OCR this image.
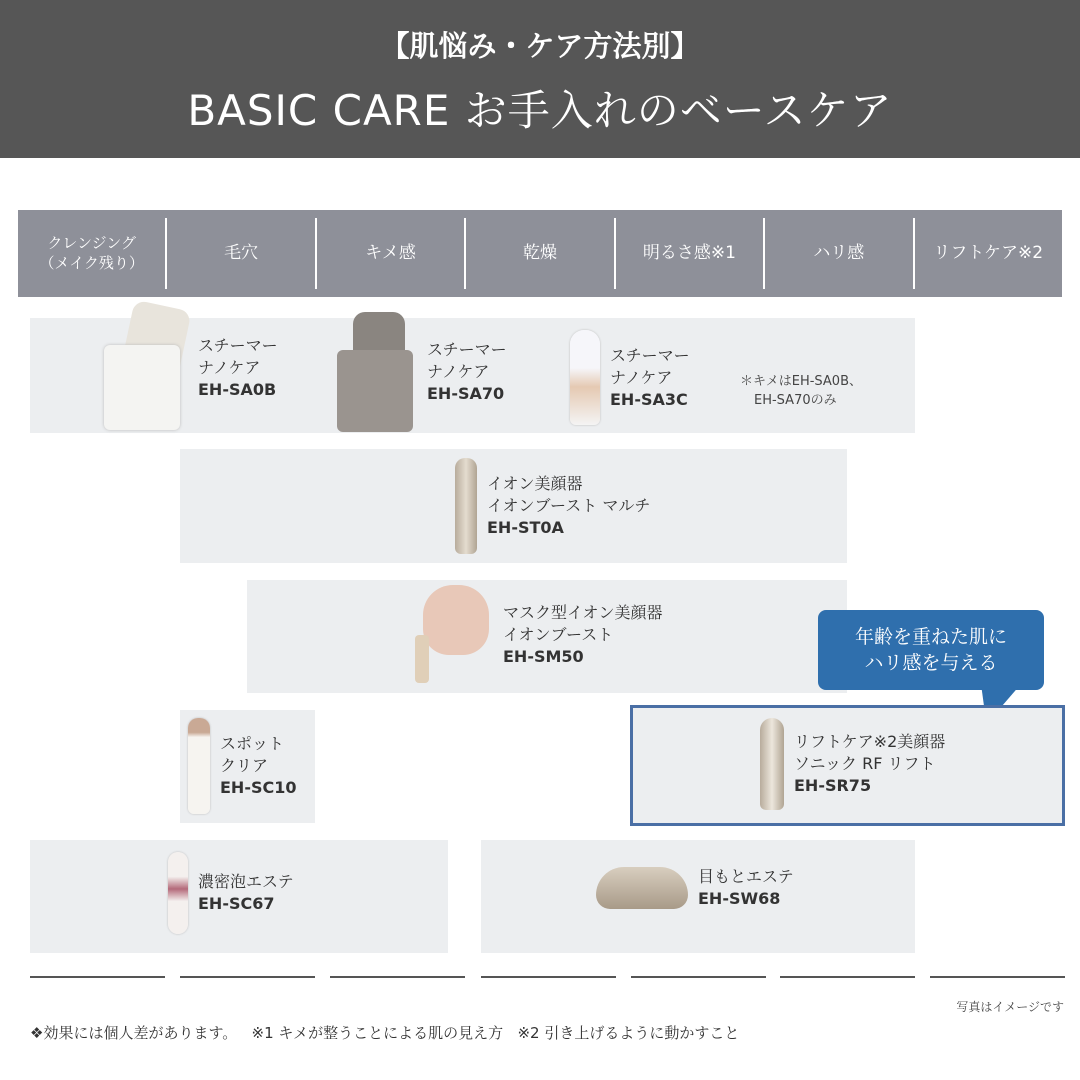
【肌悩み・ケア方法別】
BASIC CARE お手入れのベースケア
クレンジング
（メイク残り）	毛穴	キメ感	乾燥	明るさ感※1	ハリ感	リフトケア※2
スチーマー
ナノケア
EH-SA0B
スチーマー
ナノケア
EH-SA70
スチーマー
ナノケア
EH-SA3C
＊キメはEH-SA0B、
EH-SA70のみ
イオン美顔器
イオンブースト マルチ
EH-ST0A
マスク型イオン美顔器
イオンブースト
EH-SM50
年齢を重ねた肌に
ハリ感を与える
スポット
クリア
EH-SC10
リフトケア※2美顔器
ソニック RF リフト
EH-SR75
濃密泡エステ
EH-SC67
目もとエステ
EH-SW68
写真はイメージです
❖効果には個人差があります。   ※1 キメが整うことによる肌の見え方   ※2 引き上げるように動かすこと
